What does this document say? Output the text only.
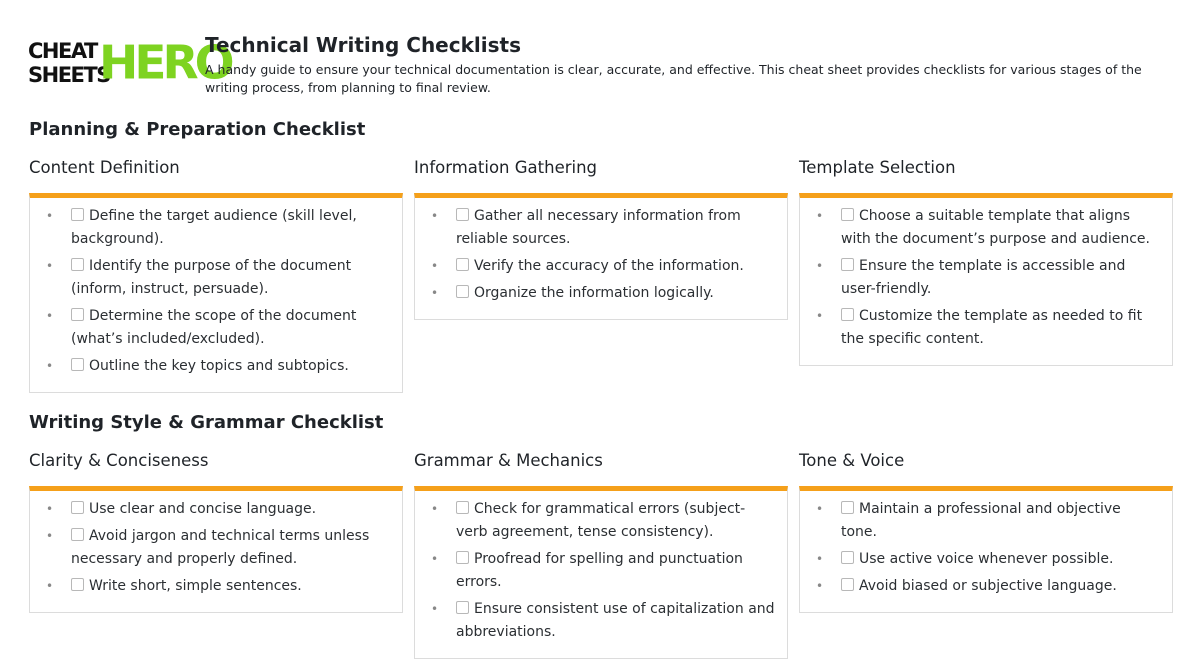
CHEAT
SHEETS
HERO
Technical Writing Checklists

A handy guide to ensure your technical documentation is clear, accurate, and effective. This cheat sheet provides checklists for various stages of the writing process, from planning to final review.

Planning & Preparation Checklist
Content Definition
•	Define the target audience (skill level, background).
•	Identify the purpose of the document (inform, instruct, persuade).
•	Determine the scope of the document (what’s included/excluded).
•	Outline the key topics and subtopics.
Information Gathering
•	Gather all necessary information from reliable sources.
•	Verify the accuracy of the information.
•	Organize the information logically.
Template Selection
•	Choose a suitable template that aligns with the document’s purpose and audience.
•	Ensure the template is accessible and user-friendly.
•	Customize the template as needed to fit the specific content.
Writing Style & Grammar Checklist
Clarity & Conciseness
•	Use clear and concise language.
•	Avoid jargon and technical terms unless necessary and properly defined.
•	Write short, simple sentences.
Grammar & Mechanics
•	Check for grammatical errors (subject-verb agreement, tense consistency).
•	Proofread for spelling and punctuation errors.
•	Ensure consistent use of capitalization and abbreviations.
Tone & Voice
•	Maintain a professional and objective tone.
•	Use active voice whenever possible.
•	Avoid biased or subjective language.
